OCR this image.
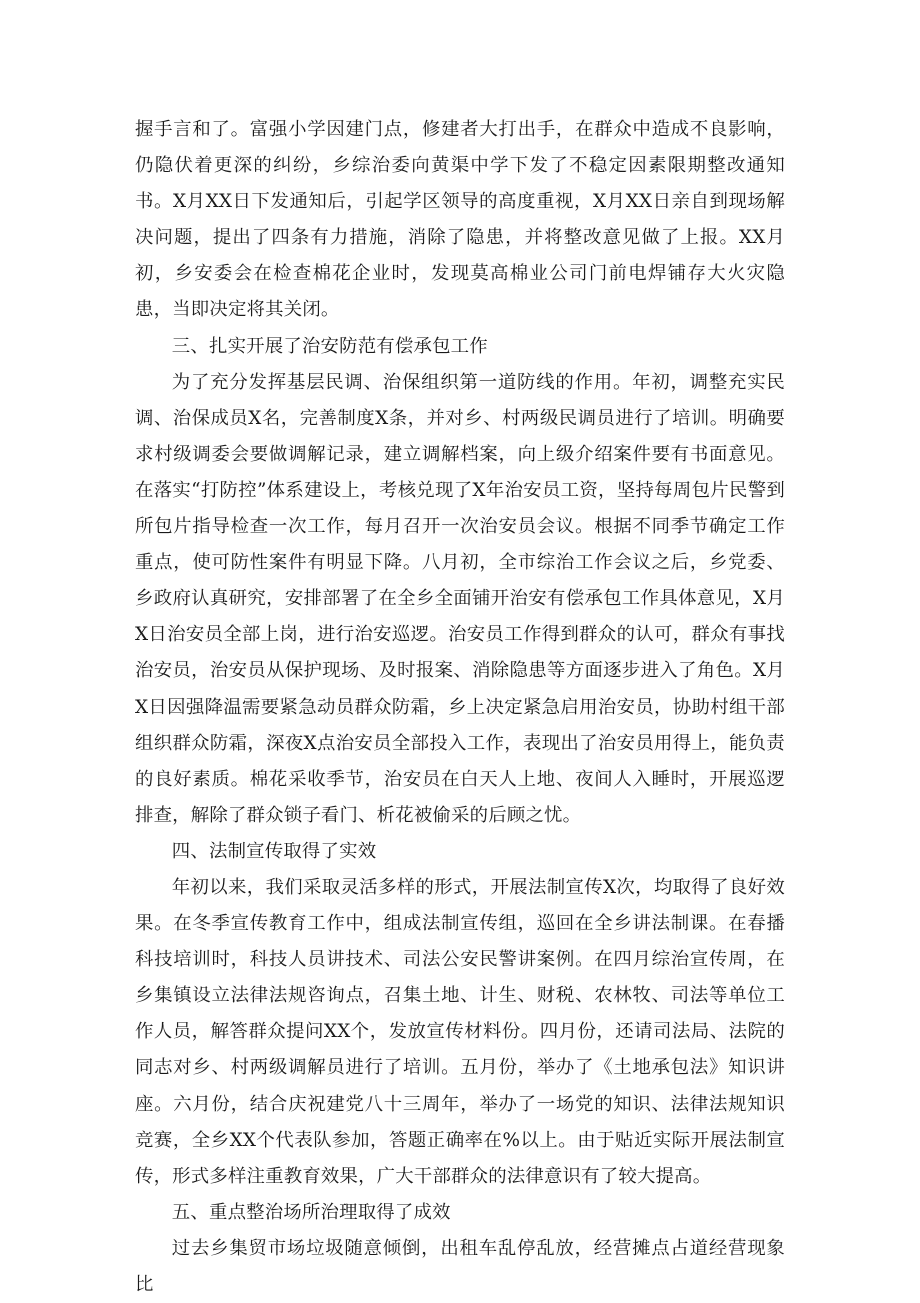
握手言和了。富强小学因建门点，修建者大打出手，在群众中造成不良影响，仍隐伏着更深的纠纷，乡综治委向黄渠中学下发了不稳定因素限期整改通知书。X月XX日下发通知后，引起学区领导的高度重视，X月XX日亲自到现场解决问题，提出了四条有力措施，消除了隐患，并将整改意见做了上报。XX月初，乡安委会在检查棉花企业时，发现莫高棉业公司门前电焊铺存大火灾隐患，当即决定将其关闭。

三、扎实开展了治安防范有偿承包工作

为了充分发挥基层民调、治保组织第一道防线的作用。年初，调整充实民调、治保成员X名，完善制度X条，并对乡、村两级民调员进行了培训。明确要求村级调委会要做调解记录，建立调解档案，向上级介绍案件要有书面意见。在落实“打防控”体系建设上，考核兑现了X年治安员工资，坚持每周包片民警到所包片指导检查一次工作，每月召开一次治安员会议。根据不同季节确定工作重点，使可防性案件有明显下降。八月初，全市综治工作会议之后，乡党委、乡政府认真研究，安排部署了在全乡全面铺开治安有偿承包工作具体意见，X月X日治安员全部上岗，进行治安巡逻。治安员工作得到群众的认可，群众有事找治安员，治安员从保护现场、及时报案、消除隐患等方面逐步进入了角色。X月X日因强降温需要紧急动员群众防霜，乡上决定紧急启用治安员，协助村组干部组织群众防霜，深夜X点治安员全部投入工作，表现出了治安员用得上，能负责的良好素质。棉花采收季节，治安员在白天人上地、夜间人入睡时，开展巡逻排查，解除了群众锁子看门、析花被偷采的后顾之忧。

四、法制宣传取得了实效

年初以来，我们采取灵活多样的形式，开展法制宣传X次，均取得了良好效果。在冬季宣传教育工作中，组成法制宣传组，巡回在全乡讲法制课。在春播科技培训时，科技人员讲技术、司法公安民警讲案例。在四月综治宣传周，在乡集镇设立法律法规咨询点，召集土地、计生、财税、农林牧、司法等单位工作人员，解答群众提问XX个，发放宣传材料份。四月份，还请司法局、法院的同志对乡、村两级调解员进行了培训。五月份，举办了《土地承包法》知识讲座。六月份，结合庆祝建党八十三周年，举办了一场党的知识、法律法规知识竞赛，全乡XX个代表队参加，答题正确率在%以上。由于贴近实际开展法制宣传，形式多样注重教育效果，广大干部群众的法律意识有了较大提高。

五、重点整治场所治理取得了成效

过去乡集贸市场垃圾随意倾倒，出租车乱停乱放，经营摊点占道经营现象比
